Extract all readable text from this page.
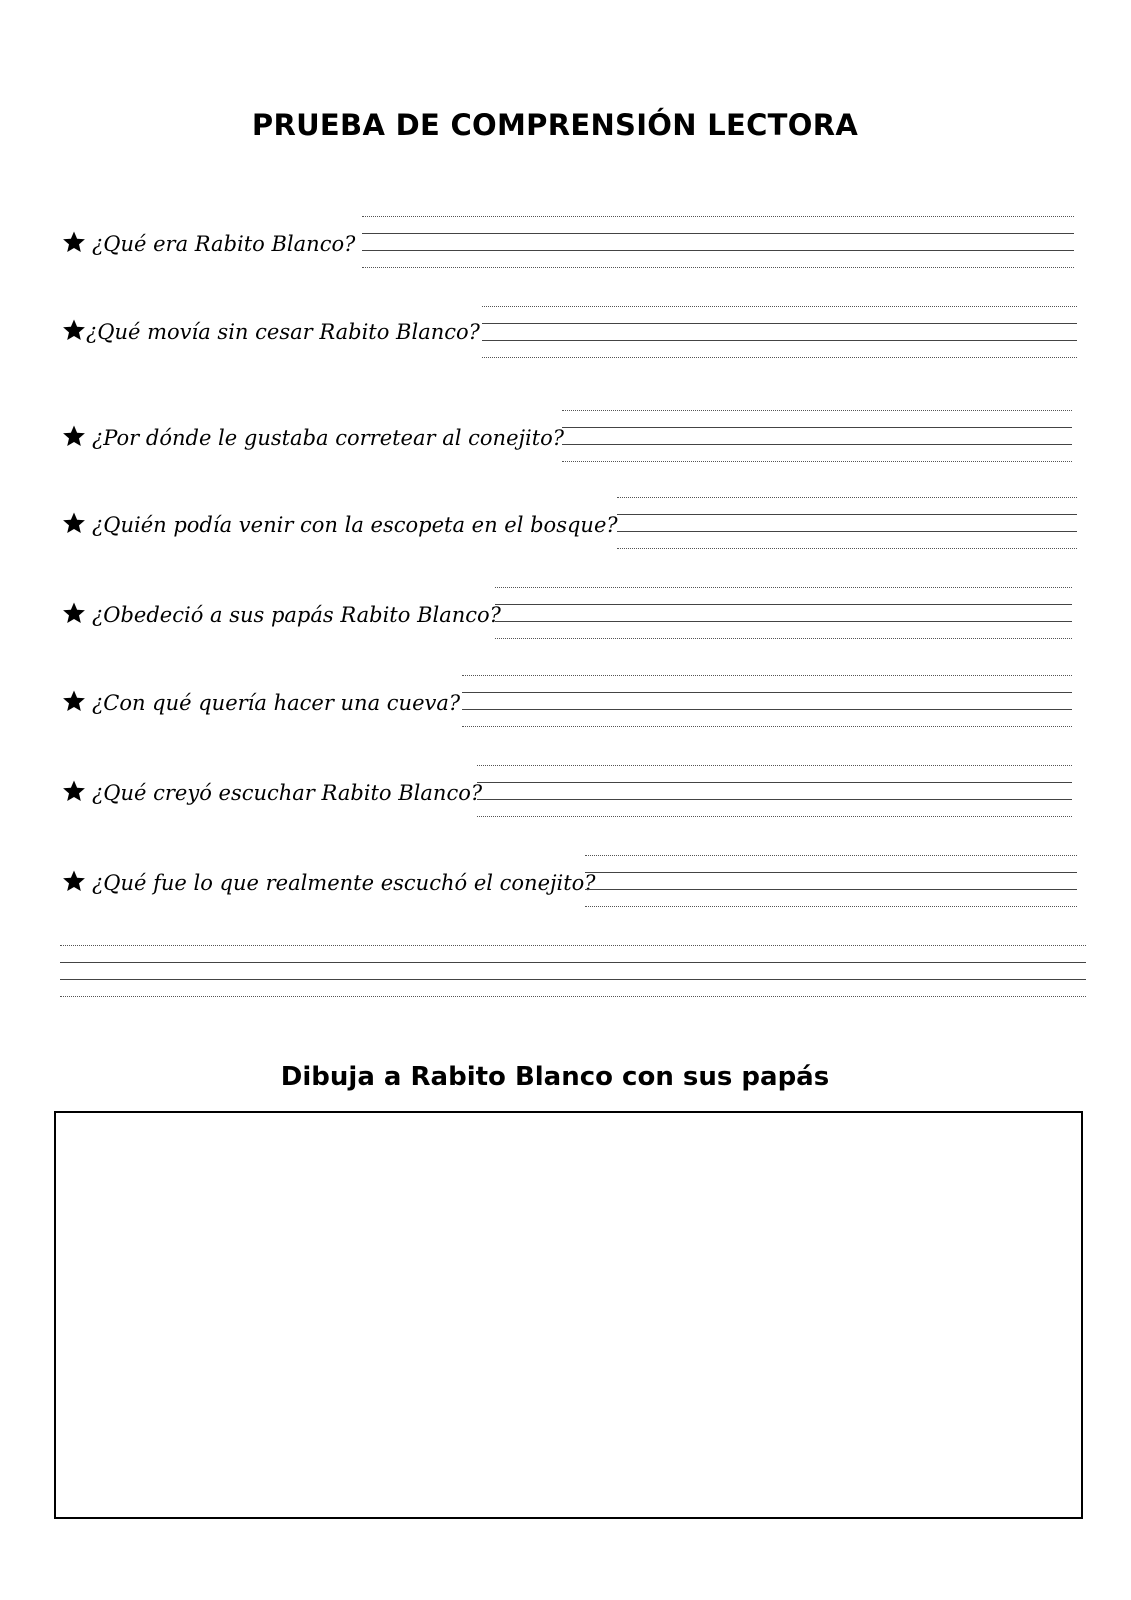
PRUEBA DE COMPRENSIÓN LECTORA
¿Qué era Rabito Blanco?
¿Qué movía sin cesar Rabito Blanco?
¿Por dónde le gustaba corretear al conejito?
¿Quién podía venir con la escopeta en el bosque?
¿Obedeció a sus papás Rabito Blanco?
¿Con qué quería hacer una cueva?
¿Qué creyó escuchar Rabito Blanco?
¿Qué fue lo que realmente escuchó el conejito?
Dibuja a Rabito Blanco con sus papás
